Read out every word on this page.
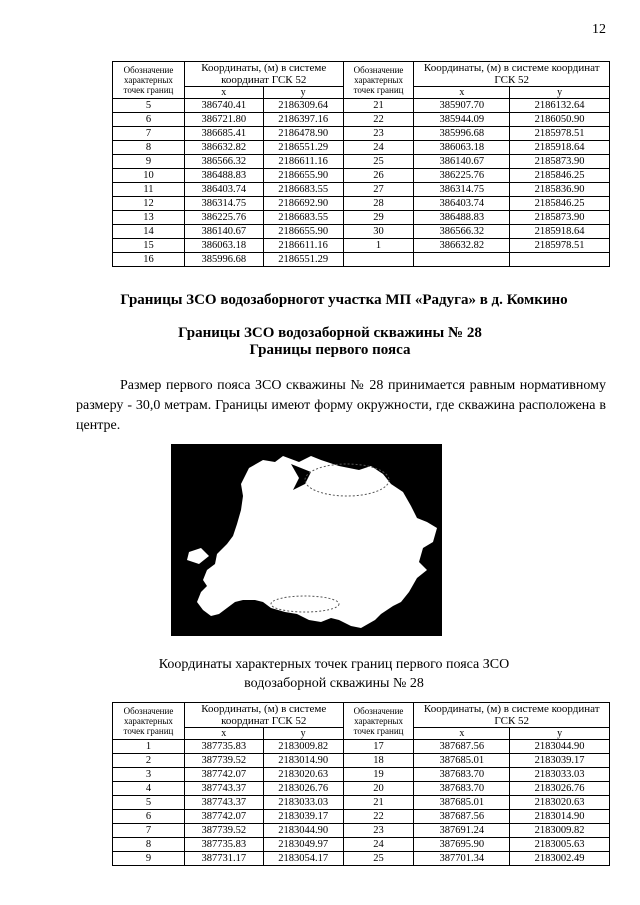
12
Обозначение характерных точек границ	Координаты, (м) в системе координат ГСК 52		Обозначение характерных точек границ	Координаты, (м) в системе координат ГСК 52	
	x	y		x	y
5	386740.41	2186309.64	21	385907.70	2186132.64
6	386721.80	2186397.16	22	385944.09	2186050.90
7	386685.41	2186478.90	23	385996.68	2185978.51
8	386632.82	2186551.29	24	386063.18	2185918.64
9	386566.32	2186611.16	25	386140.67	2185873.90
10	386488.83	2186655.90	26	386225.76	2185846.25
11	386403.74	2186683.55	27	386314.75	2185836.90
12	386314.75	2186692.90	28	386403.74	2185846.25
13	386225.76	2186683.55	29	386488.83	2185873.90
14	386140.67	2186655.90	30	386566.32	2185918.64
15	386063.18	2186611.16	1	386632.82	2185978.51
16	385996.68	2186551.29			
Границы ЗСО водозаборногот участка МП «Радуга» в д. Комкино
Границы ЗСО водозаборной скважины № 28
Границы первого пояса
Размер первого пояса ЗСО скважины № 28 принимается равным нормативному размеру - 30,0 метрам. Границы имеют форму окружности, где скважина расположена в центре.
Координаты характерных точек границ первого пояса ЗСО
водозаборной скважины № 28
Обозначение характерных точек границ	Координаты, (м) в системе координат ГСК 52		Обозначение характерных точек границ	Координаты, (м) в системе координат ГСК 52	
	x	y		x	y
1	387735.83	2183009.82	17	387687.56	2183044.90
2	387739.52	2183014.90	18	387685.01	2183039.17
3	387742.07	2183020.63	19	387683.70	2183033.03
4	387743.37	2183026.76	20	387683.70	2183026.76
5	387743.37	2183033.03	21	387685.01	2183020.63
6	387742.07	2183039.17	22	387687.56	2183014.90
7	387739.52	2183044.90	23	387691.24	2183009.82
8	387735.83	2183049.97	24	387695.90	2183005.63
9	387731.17	2183054.17	25	387701.34	2183002.49
